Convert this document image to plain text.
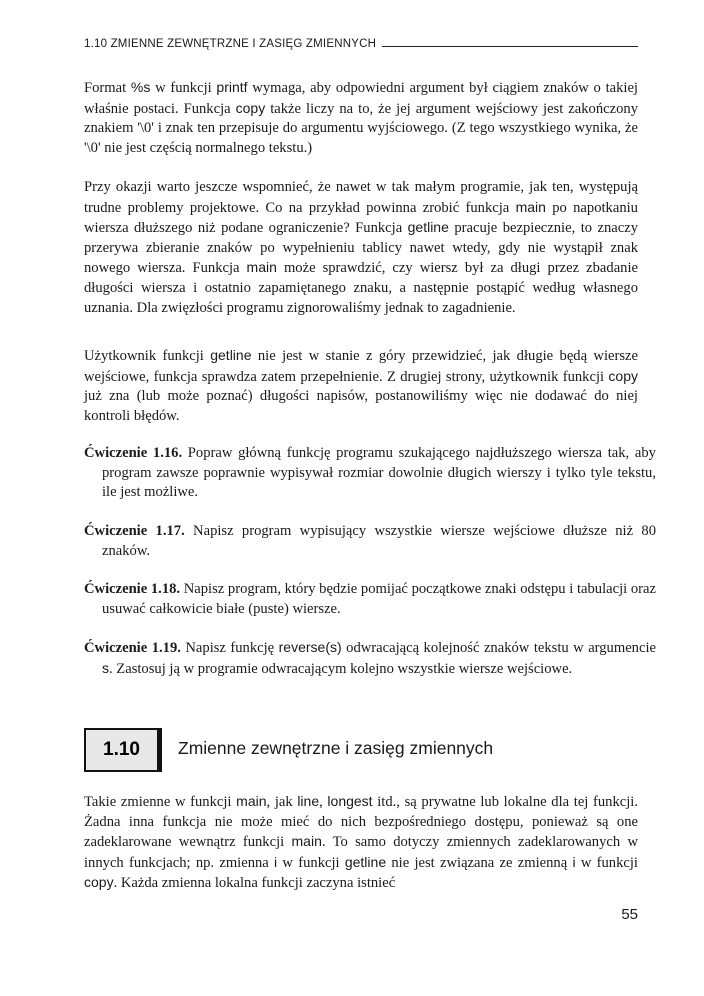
1.10 ZMIENNE ZEWNĘTRZNE I ZASIĘG ZMIENNYCH

Format %s w funkcji printf wymaga, aby odpowiedni argument był ciągiem znaków o takiej właśnie postaci. Funkcja copy także liczy na to, że jej argument wejściowy jest zakończony znakiem '\0' i znak ten przepisuje do argumentu wyjściowego. (Z tego wszystkiego wynika, że '\0' nie jest częścią normalnego tekstu.)

Przy okazji warto jeszcze wspomnieć, że nawet w tak małym programie, jak ten, występują trudne problemy projektowe. Co na przykład powinna zrobić funkcja main po napotkaniu wiersza dłuższego niż podane ograniczenie? Funkcja getline pracuje bezpiecznie, to znaczy przerywa zbieranie znaków po wypełnieniu tablicy nawet wtedy, gdy nie wystąpił znak nowego wiersza. Funkcja main może sprawdzić, czy wiersz był za długi przez zbadanie długości wiersza i ostatnio zapamiętanego znaku, a następnie postąpić według własnego uznania. Dla zwięzłości programu zignorowaliśmy jednak to zagadnienie.

Użytkownik funkcji getline nie jest w stanie z góry przewidzieć, jak długie będą wiersze wejściowe, funkcja sprawdza zatem przepełnienie. Z drugiej strony, użytkownik funkcji copy już zna (lub może poznać) długości napisów, postanowiliśmy więc nie dodawać do niej kontroli błędów.

Ćwiczenie 1.16. Popraw główną funkcję programu szukającego najdłuższego wiersza tak, aby program zawsze poprawnie wypisywał rozmiar dowolnie długich wierszy i tylko tyle tekstu, ile jest możliwe.

Ćwiczenie 1.17. Napisz program wypisujący wszystkie wiersze wejściowe dłuższe niż 80 znaków.

Ćwiczenie 1.18. Napisz program, który będzie pomijać początkowe znaki odstępu i tabulacji oraz usuwać całkowicie białe (puste) wiersze.

Ćwiczenie 1.19. Napisz funkcję reverse(s) odwracającą kolejność znaków tekstu w argumencie s. Zastosuj ją w programie odwracającym kolejno wszystkie wiersze wejściowe.

1.10 Zmienne zewnętrzne i zasięg zmiennych

Takie zmienne w funkcji main, jak line, longest itd., są prywatne lub lokalne dla tej funkcji. Żadna inna funkcja nie może mieć do nich bezpośredniego dostępu, ponieważ są one zadeklarowane wewnątrz funkcji main. To samo dotyczy zmiennych zadeklarowanych w innych funkcjach; np. zmienna i w funkcji getline nie jest związana ze zmienną i w funkcji copy. Każda zmienna lokalna funkcji zaczyna istnieć

55
